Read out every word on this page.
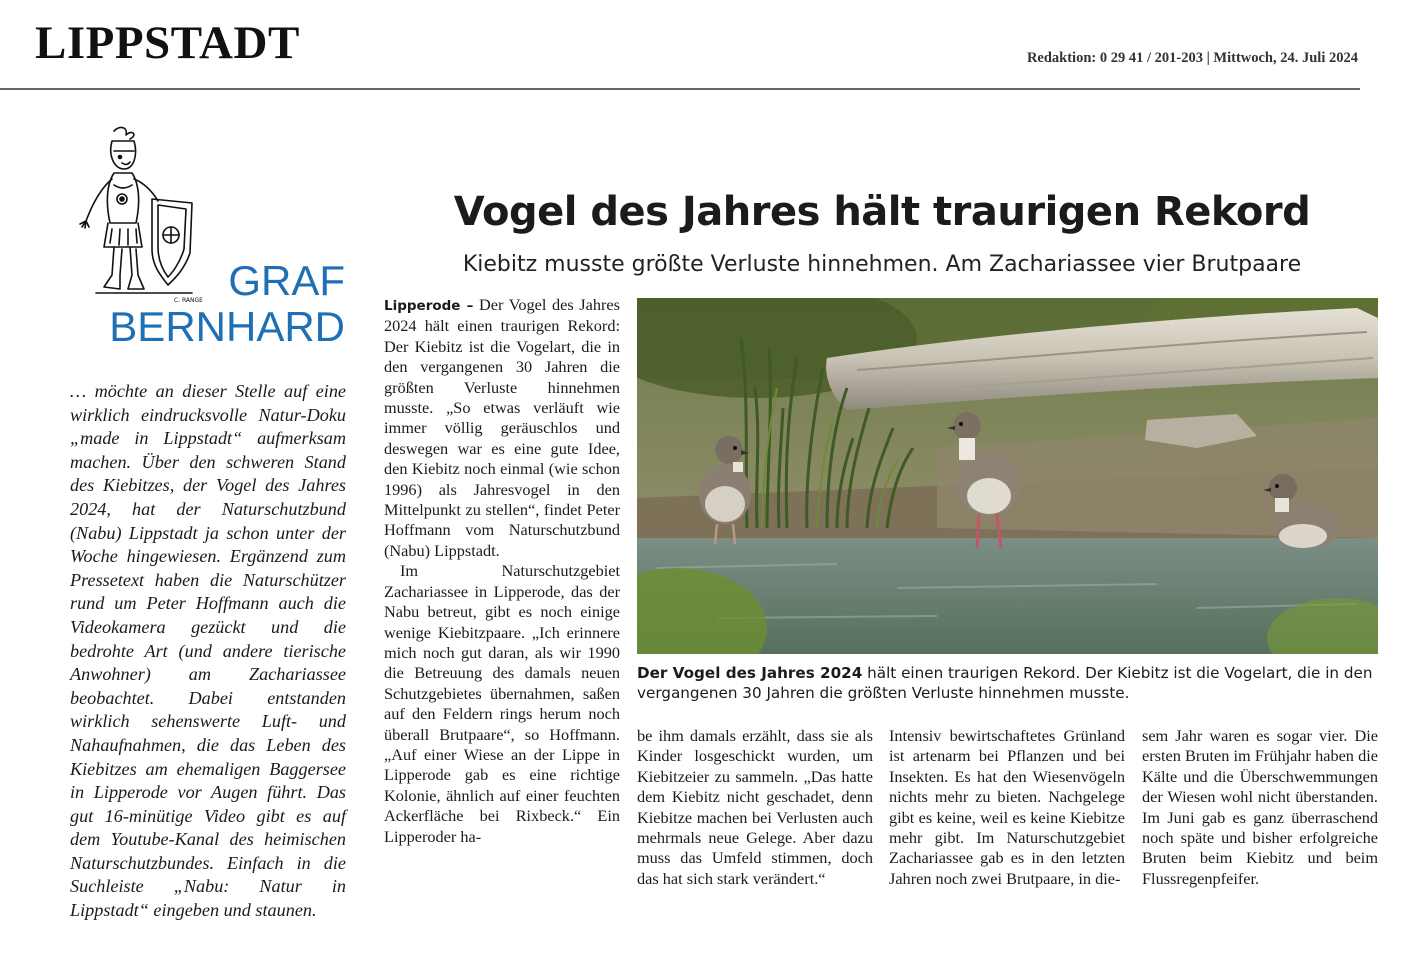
LIPPSTADT	Redaktion: 0 29 41 / 201-203 | Mittwoch, 24. Juli 2024
C. RANGE GRAF
BERNHARD

… möchte an dieser Stelle auf eine wirklich eindrucksvolle Natur-Doku „made in Lippstadt“ aufmerksam machen. Über den schweren Stand des Kiebitzes, der Vogel des Jahres 2024, hat der Naturschutzbund (Nabu) Lippstadt ja schon unter der Woche hingewiesen. Ergänzend zum Pressetext haben die Naturschützer rund um Peter Hoffmann auch die Videokamera gezückt und die bedrohte Art (und andere tierische Anwohner) am Zachariassee beobachtet. Dabei entstanden wirklich sehenswerte Luft- und Nahaufnahmen, die das Leben des Kiebitzes am ehemaligen Baggersee in Lipperode vor Augen führt. Das gut 16-minütige Video gibt es auf dem Youtube-Kanal des heimischen Naturschutzbundes. Einfach in die Suchleiste „Nabu: Natur in Lippstadt“ eingeben und staunen.

Vogel des Jahres hält traurigen Rekord
Kiebitz musste größte Verluste hinnehmen. Am Zachariassee vier Brutpaare

Lipperode – Der Vogel des Jahres 2024 hält einen traurigen Rekord: Der Kiebitz ist die Vogelart, die in den vergangenen 30 Jahren die größten Verluste hinnehmen musste. „So etwas verläuft wie immer völlig geräuschlos und deswegen war es eine gute Idee, den Kiebitz noch einmal (wie schon 1996) als Jahresvogel in den Mittelpunkt zu stellen“, findet Peter Hoffmann vom Naturschutzbund (Nabu) Lippstadt.

Im Naturschutzgebiet Zachariassee in Lipperode, das der Nabu betreut, gibt es noch einige wenige Kiebitzpaare. „Ich erinnere mich noch gut daran, als wir 1990 die Betreuung des damals neuen Schutzgebietes übernahmen, saßen auf den Feldern rings herum noch überall Brutpaare“, so Hoffmann. „Auf einer Wiese an der Lippe in Lipperode gab es eine richtige Kolonie, ähnlich auf einer feuchten Ackerfläche bei Rixbeck.“ Ein Lipperoder ha-

Der Vogel des Jahres 2024 hält einen traurigen Rekord. Der Kiebitz ist die Vogelart, die in den vergangenen 30 Jahren die größten Verluste hinnehmen musste.

be ihm damals erzählt, dass sie als Kinder losgeschickt wurden, um Kiebitzeier zu sammeln. „Das hatte dem Kiebitz nicht geschadet, denn Kiebitze machen bei Verlusten auch mehrmals neue Gelege. Aber dazu muss das Umfeld stimmen, doch das hat sich stark verändert.“

Intensiv bewirtschaftetes Grünland ist artenarm bei Pflanzen und bei Insekten. Es hat den Wiesenvögeln nichts mehr zu bieten. Nachgelege gibt es keine, weil es keine Kiebitze mehr gibt. Im Naturschutzgebiet Zachariassee gab es in den letzten Jahren noch zwei Brutpaare, in die-

sem Jahr waren es sogar vier. Die ersten Bruten im Frühjahr haben die Kälte und die Überschwemmungen der Wiesen wohl nicht überstanden. Im Juni gab es ganz überraschend noch späte und bisher erfolgreiche Bruten beim Kiebitz und beim Flussregenpfeifer.
